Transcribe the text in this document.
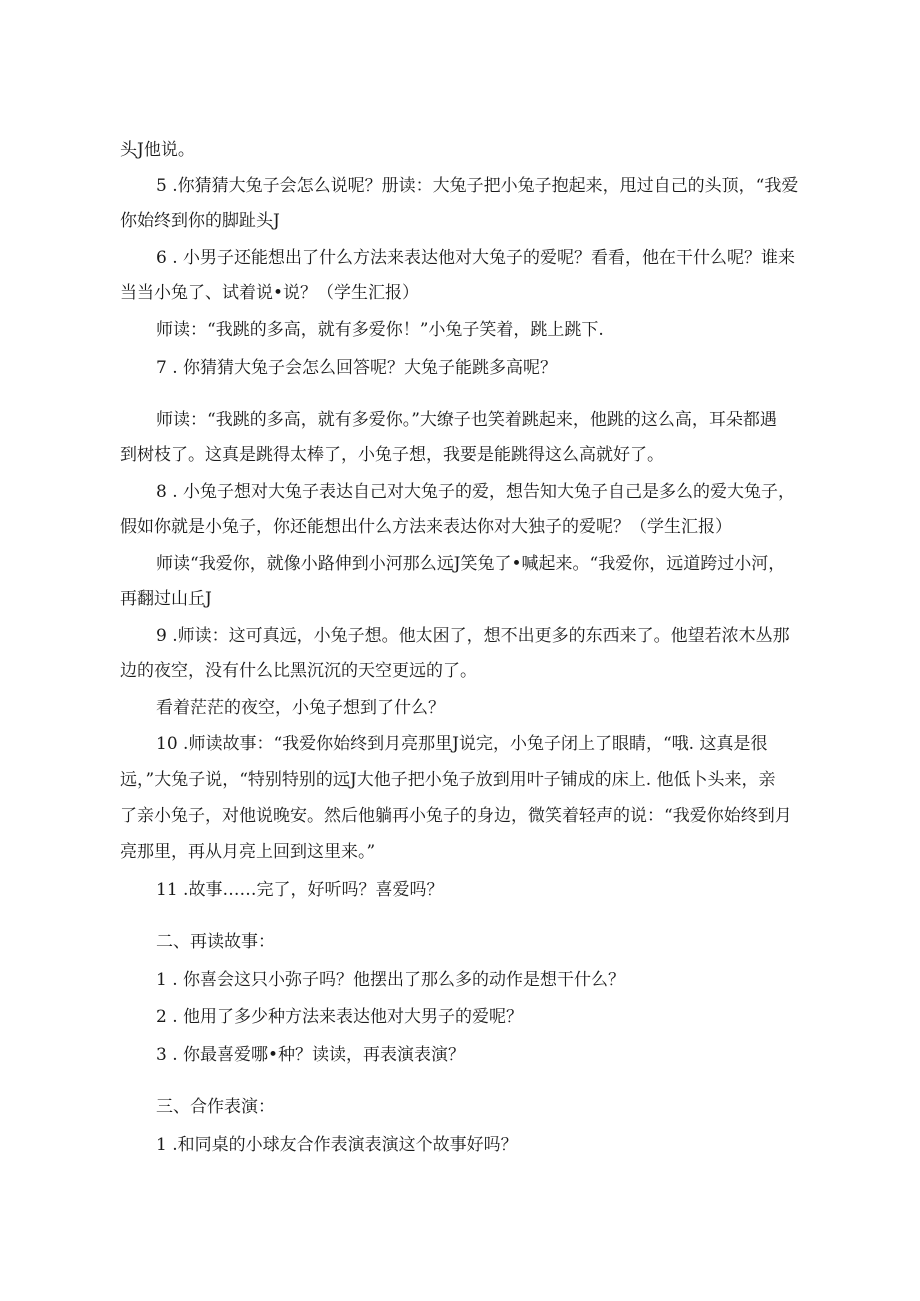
头J他说。
5 .你猜猜大兔子会怎么说呢？册读：大兔子把小兔子抱起来，甩过自己的头顶，“我爱
你始终到你的脚趾头J
6 . 小男子还能想出了什么方法来表达他对大兔子的爱呢？看看，他在干什么呢？谁来
当当小兔了、试着说•说？（学生汇报）
师读：“我跳的多高，就有多爱你！”小兔子笑着，跳上跳下.
7 . 你猜猜大兔子会怎么回答呢？大兔子能跳多高呢？
师读：“我跳的多高，就有多爱你。”大缭子也笑着跳起来，他跳的这么高，耳朵都遇
到树枝了。这真是跳得太棒了，小兔子想，我要是能跳得这么高就好了。
8 . 小兔子想对大兔子表达自己对大兔子的爱，想告知大兔子自己是多么的爱大兔子，
假如你就是小兔子，你还能想出什么方法来表达你对大独子的爱呢？（学生汇报）
师读“我爱你，就像小路伸到小河那么远J笑兔了•喊起来。“我爱你，远道跨过小河，
再翻过山丘J
9 .师读：这可真远，小兔子想。他太困了，想不出更多的东西来了。他望若浓木丛那
边的夜空，没有什么比黑沉沉的天空更远的了。
看着茫茫的夜空，小兔子想到了什么？
10 .师读故事：“我爱你始终到月亮那里J说完，小兔子闭上了眼睛，“哦. 这真是很
远，”大兔子说，“特别特别的远J大他子把小兔子放到用叶子铺成的床上. 他低卜头来，亲
了亲小兔子，对他说晚安。然后他躺再小兔子的身边，微笑着轻声的说：“我爱你始终到月
亮那里，再从月亮上回到这里来。”
11 .故事……完了，好听吗？喜爱吗？
二、再读故事：
1 . 你喜会这只小弥子吗？他摆出了那么多的动作是想干什么？
2 . 他用了多少种方法来表达他对大男子的爱呢？
3 . 你最喜爱哪•种？读读，再表演表演？
三、合作表演：
1 .和同桌的小球友合作表演表演这个故事好吗？
